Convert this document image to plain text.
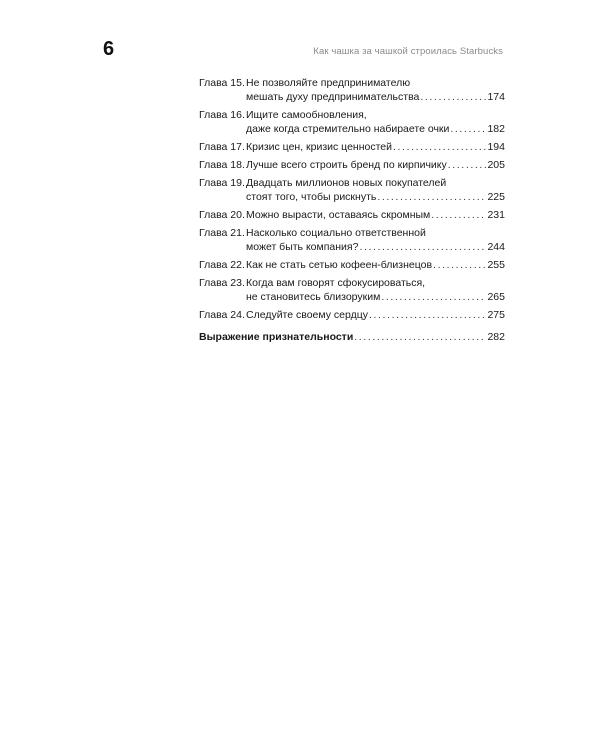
6	Как чашка за чашкой строилась Starbucks
Глава 15. Не позволяйте предпринимателю
мешать духу предпринимательства .....	174
Глава 16. Ищите самообновления,
даже когда стремительно набираете очки .....	182
Глава 17. Кризис цен, кризис ценностей .....	194
Глава 18. Лучше всего строить бренд по кирпичику .....	205
Глава 19. Двадцать миллионов новых покупателей
стоят того, чтобы рискнуть .....	225
Глава 20. Можно вырасти, оставаясь скромным .....	231
Глава 21. Насколько социально ответственной
может быть компания? .....	244
Глава 22. Как не стать сетью кофеен-близнецов .....	255
Глава 23. Когда вам говорят сфокусироваться,
не становитесь близоруким .....	265
Глава 24. Следуйте своему сердцу .....	275
Выражение признательности .....	282
